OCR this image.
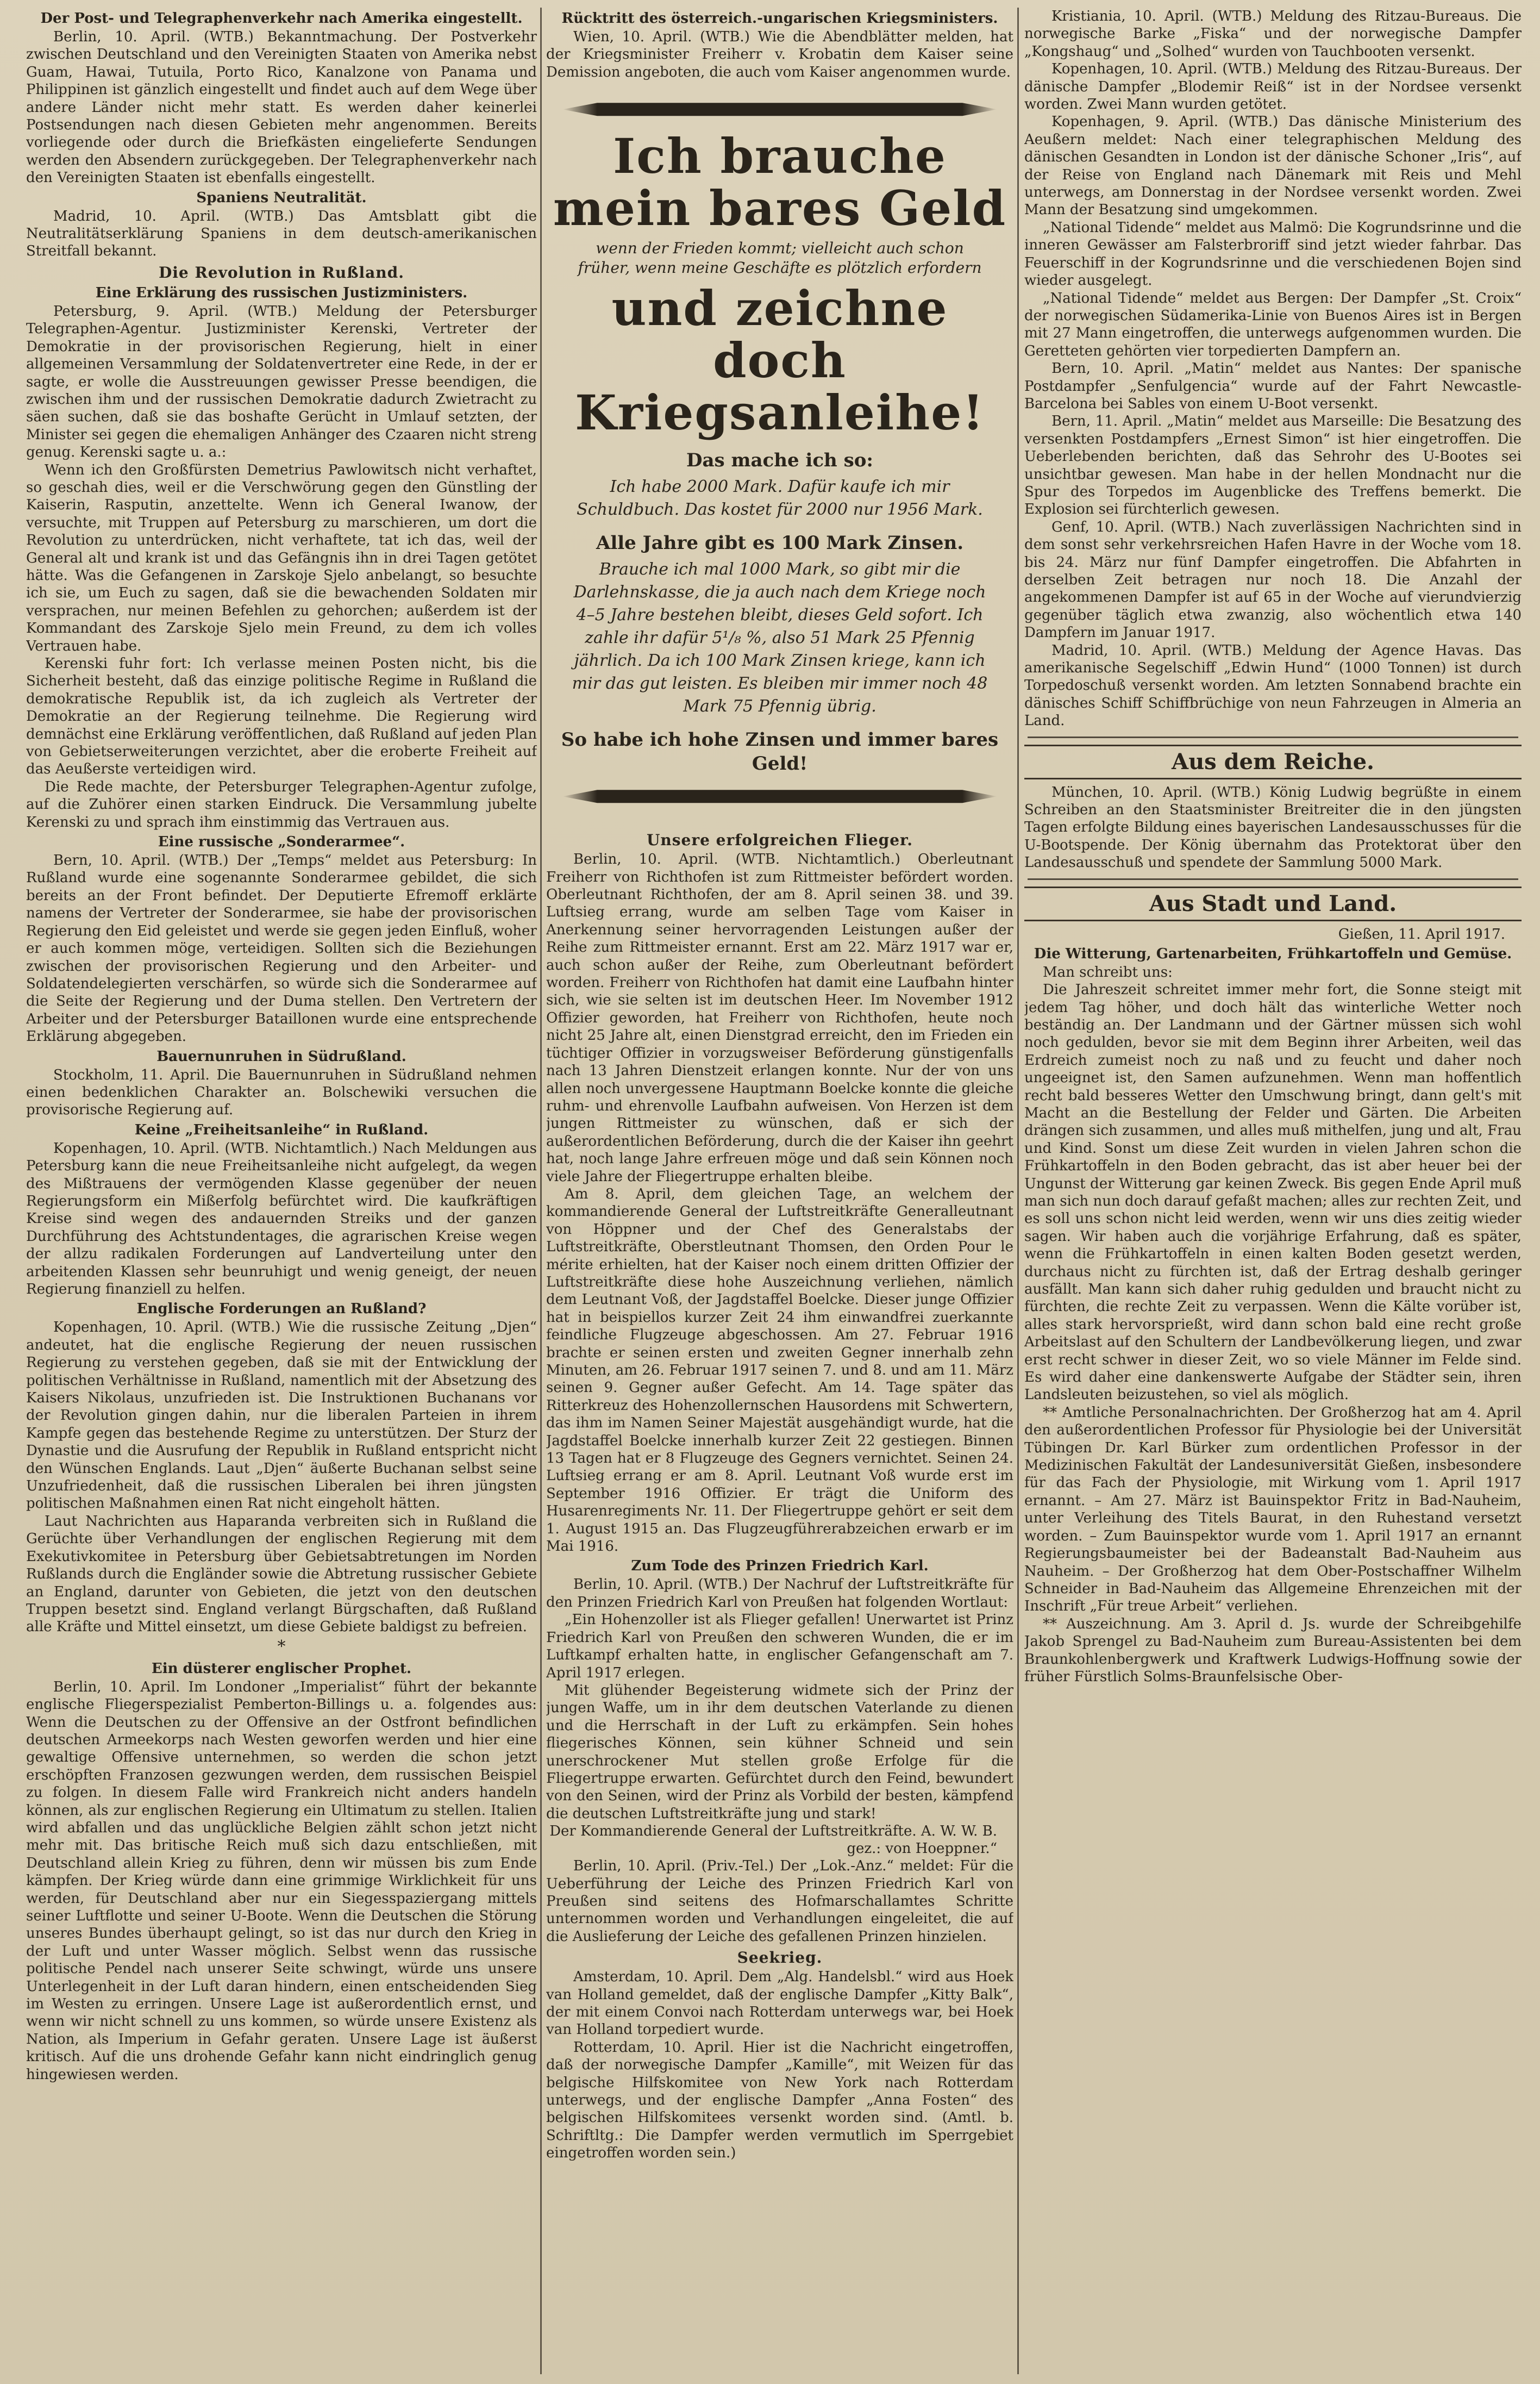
Der Post- und Telegraphenverkehr nach Amerika eingestellt.

Berlin, 10. April. (WTB.) Bekanntmachung. Der Postverkehr zwischen Deutschland und den Vereinigten Staaten von Amerika nebst Guam, Hawai, Tutuila, Porto Rico, Kanalzone von Panama und Philippinen ist gänzlich eingestellt und findet auch auf dem Wege über andere Länder nicht mehr statt. Es werden daher keinerlei Postsendungen nach diesen Gebieten mehr angenommen. Bereits vorliegende oder durch die Briefkästen eingelieferte Sendungen werden den Absendern zurückgegeben. Der Telegraphenverkehr nach den Vereinigten Staaten ist ebenfalls eingestellt.

Spaniens Neutralität.

Madrid, 10. April. (WTB.) Das Amtsblatt gibt die Neutralitätserklärung Spaniens in dem deutsch-amerikanischen Streitfall bekannt.

Die Revolution in Rußland.
Eine Erklärung des russischen Justizministers.

Petersburg, 9. April. (WTB.) Meldung der Petersburger Telegraphen-Agentur. Justizminister Kerenski, Vertreter der Demokratie in der provisorischen Regierung, hielt in einer allgemeinen Versammlung der Soldatenvertreter eine Rede, in der er sagte, er wolle die Ausstreuungen gewisser Presse beendigen, die zwischen ihm und der russischen Demokratie dadurch Zwietracht zu säen suchen, daß sie das boshafte Gerücht in Umlauf setzten, der Minister sei gegen die ehemaligen Anhänger des Czaaren nicht streng genug. Kerenski sagte u. a.:

Wenn ich den Großfürsten Demetrius Pawlowitsch nicht verhaftet, so geschah dies, weil er die Verschwörung gegen den Günstling der Kaiserin, Rasputin, anzettelte. Wenn ich General Iwanow, der versuchte, mit Truppen auf Petersburg zu marschieren, um dort die Revolution zu unterdrücken, nicht verhaftete, tat ich das, weil der General alt und krank ist und das Gefängnis ihn in drei Tagen getötet hätte. Was die Gefangenen in Zarskoje Sjelo anbelangt, so besuchte ich sie, um Euch zu sagen, daß sie die bewachenden Soldaten mir versprachen, nur meinen Befehlen zu gehorchen; außerdem ist der Kommandant des Zarskoje Sjelo mein Freund, zu dem ich volles Vertrauen habe.

Kerenski fuhr fort: Ich verlasse meinen Posten nicht, bis die Sicherheit besteht, daß das einzige politische Regime in Rußland die demokratische Republik ist, da ich zugleich als Vertreter der Demokratie an der Regierung teilnehme. Die Regierung wird demnächst eine Erklärung veröffentlichen, daß Rußland auf jeden Plan von Gebietserweiterungen verzichtet, aber die eroberte Freiheit auf das Aeußerste verteidigen wird.

Die Rede machte, der Petersburger Telegraphen-Agentur zufolge, auf die Zuhörer einen starken Eindruck. Die Versammlung jubelte Kerenski zu und sprach ihm einstimmig das Vertrauen aus.

Eine russische „Sonderarmee“.

Bern, 10. April. (WTB.) Der „Temps“ meldet aus Petersburg: In Rußland wurde eine sogenannte Sonderarmee gebildet, die sich bereits an der Front befindet. Der Deputierte Efremoff erklärte namens der Vertreter der Sonderarmee, sie habe der provisorischen Regierung den Eid geleistet und werde sie gegen jeden Einfluß, woher er auch kommen möge, verteidigen. Sollten sich die Beziehungen zwischen der provisorischen Regierung und den Arbeiter- und Soldatendelegierten verschärfen, so würde sich die Sonderarmee auf die Seite der Regierung und der Duma stellen. Den Vertretern der Arbeiter und der Petersburger Bataillonen wurde eine entsprechende Erklärung abgegeben.

Bauernunruhen in Südrußland.

Stockholm, 11. April. Die Bauernunruhen in Südrußland nehmen einen bedenklichen Charakter an. Bolschewiki versuchen die provisorische Regierung auf.

Keine „Freiheitsanleihe“ in Rußland.

Kopenhagen, 10. April. (WTB. Nichtamtlich.) Nach Meldungen aus Petersburg kann die neue Freiheitsanleihe nicht aufgelegt, da wegen des Mißtrauens der vermögenden Klasse gegenüber der neuen Regierungsform ein Mißerfolg befürchtet wird. Die kaufkräftigen Kreise sind wegen des andauernden Streiks und der ganzen Durchführung des Achtstundentages, die agrarischen Kreise wegen der allzu radikalen Forderungen auf Landverteilung unter den arbeitenden Klassen sehr beunruhigt und wenig geneigt, der neuen Regierung finanziell zu helfen.

Englische Forderungen an Rußland?

Kopenhagen, 10. April. (WTB.) Wie die russische Zeitung „Djen“ andeutet, hat die englische Regierung der neuen russischen Regierung zu verstehen gegeben, daß sie mit der Entwicklung der politischen Verhältnisse in Rußland, namentlich mit der Absetzung des Kaisers Nikolaus, unzufrieden ist. Die Instruktionen Buchanans vor der Revolution gingen dahin, nur die liberalen Parteien in ihrem Kampfe gegen das bestehende Regime zu unterstützen. Der Sturz der Dynastie und die Ausrufung der Republik in Rußland entspricht nicht den Wünschen Englands. Laut „Djen“ äußerte Buchanan selbst seine Unzufriedenheit, daß die russischen Liberalen bei ihren jüngsten politischen Maßnahmen einen Rat nicht eingeholt hätten.

Laut Nachrichten aus Haparanda verbreiten sich in Rußland die Gerüchte über Verhandlungen der englischen Regierung mit dem Exekutivkomitee in Petersburg über Gebietsabtretungen im Norden Rußlands durch die Engländer sowie die Abtretung russischer Gebiete an England, darunter von Gebieten, die jetzt von den deutschen Truppen besetzt sind. England verlangt Bürgschaften, daß Rußland alle Kräfte und Mittel einsetzt, um diese Gebiete baldigst zu befreien.

*
Ein düsterer englischer Prophet.

Berlin, 10. April. Im Londoner „Imperialist“ führt der bekannte englische Fliegerspezialist Pemberton-Billings u. a. folgendes aus: Wenn die Deutschen zu der Offensive an der Ostfront befindlichen deutschen Armeekorps nach Westen geworfen werden und hier eine gewaltige Offensive unternehmen, so werden die schon jetzt erschöpften Franzosen gezwungen werden, dem russischen Beispiel zu folgen. In diesem Falle wird Frankreich nicht anders handeln können, als zur englischen Regierung ein Ultimatum zu stellen. Italien wird abfallen und das unglückliche Belgien zählt schon jetzt nicht mehr mit. Das britische Reich muß sich dazu entschließen, mit Deutschland allein Krieg zu führen, denn wir müssen bis zum Ende kämpfen. Der Krieg würde dann eine grimmige Wirklichkeit für uns werden, für Deutschland aber nur ein Siegesspaziergang mittels seiner Luftflotte und seiner U-Boote. Wenn die Deutschen die Störung unseres Bundes überhaupt gelingt, so ist das nur durch den Krieg in der Luft und unter Wasser möglich. Selbst wenn das russische politische Pendel nach unserer Seite schwingt, würde uns unsere Unterlegenheit in der Luft daran hindern, einen entscheidenden Sieg im Westen zu erringen. Unsere Lage ist außerordentlich ernst, und wenn wir nicht schnell zu uns kommen, so würde unsere Existenz als Nation, als Imperium in Gefahr geraten. Unsere Lage ist äußerst kritisch. Auf die uns drohende Gefahr kann nicht eindringlich genug hingewiesen werden.

Rücktritt des österreich.-ungarischen Kriegsministers.

Wien, 10. April. (WTB.) Wie die Abendblätter melden, hat der Kriegsminister Freiherr v. Krobatin dem Kaiser seine Demission angeboten, die auch vom Kaiser angenommen wurde.

Ich brauche mein bares Geld
wenn der Frieden kommt; vielleicht auch schon früher, wenn meine Geschäfte es plötzlich erfordern
und zeichne doch Kriegsanleihe!
Das mache ich so:
Ich habe 2000 Mark. Dafür kaufe ich mir Schuldbuch. Das kostet für 2000 nur 1956 Mark.
Alle Jahre gibt es 100 Mark Zinsen.
Brauche ich mal 1000 Mark, so gibt mir die Darlehnskasse, die ja auch nach dem Kriege noch 4–5 Jahre bestehen bleibt, dieses Geld sofort. Ich zahle ihr dafür 5¹/₈ %, also 51 Mark 25 Pfennig jährlich. Da ich 100 Mark Zinsen kriege, kann ich mir das gut leisten. Es bleiben mir immer noch 48 Mark 75 Pfennig übrig.
So habe ich hohe Zinsen und immer bares Geld!
Unsere erfolgreichen Flieger.

Berlin, 10. April. (WTB. Nichtamtlich.) Oberleutnant Freiherr von Richthofen ist zum Rittmeister befördert worden. Oberleutnant Richthofen, der am 8. April seinen 38. und 39. Luftsieg errang, wurde am selben Tage vom Kaiser in Anerkennung seiner hervorragenden Leistungen außer der Reihe zum Rittmeister ernannt. Erst am 22. März 1917 war er, auch schon außer der Reihe, zum Oberleutnant befördert worden. Freiherr von Richthofen hat damit eine Laufbahn hinter sich, wie sie selten ist im deutschen Heer. Im November 1912 Offizier geworden, hat Freiherr von Richthofen, heute noch nicht 25 Jahre alt, einen Dienstgrad erreicht, den im Frieden ein tüchtiger Offizier in vorzugsweiser Beförderung günstigenfalls nach 13 Jahren Dienstzeit erlangen konnte. Nur der von uns allen noch unvergessene Hauptmann Boelcke konnte die gleiche ruhm- und ehrenvolle Laufbahn aufweisen. Von Herzen ist dem jungen Rittmeister zu wünschen, daß er sich der außerordentlichen Beförderung, durch die der Kaiser ihn geehrt hat, noch lange Jahre erfreuen möge und daß sein Können noch viele Jahre der Fliegertruppe erhalten bleibe.

Am 8. April, dem gleichen Tage, an welchem der kommandierende General der Luftstreitkräfte Generalleutnant von Höppner und der Chef des Generalstabs der Luftstreitkräfte, Oberstleutnant Thomsen, den Orden Pour le mérite erhielten, hat der Kaiser noch einem dritten Offizier der Luftstreitkräfte diese hohe Auszeichnung verliehen, nämlich dem Leutnant Voß, der Jagdstaffel Boelcke. Dieser junge Offizier hat in beispiellos kurzer Zeit 24 ihm einwandfrei zuerkannte feindliche Flugzeuge abgeschossen. Am 27. Februar 1916 brachte er seinen ersten und zweiten Gegner innerhalb zehn Minuten, am 26. Februar 1917 seinen 7. und 8. und am 11. März seinen 9. Gegner außer Gefecht. Am 14. Tage später das Ritterkreuz des Hohenzollernschen Hausordens mit Schwertern, das ihm im Namen Seiner Majestät ausgehändigt wurde, hat die Jagdstaffel Boelcke innerhalb kurzer Zeit 22 gestiegen. Binnen 13 Tagen hat er 8 Flugzeuge des Gegners vernichtet. Seinen 24. Luftsieg errang er am 8. April. Leutnant Voß wurde erst im September 1916 Offizier. Er trägt die Uniform des Husarenregiments Nr. 11. Der Fliegertruppe gehört er seit dem 1. August 1915 an. Das Flugzeugführerabzeichen erwarb er im Mai 1916.

Zum Tode des Prinzen Friedrich Karl.

Berlin, 10. April. (WTB.) Der Nachruf der Luftstreitkräfte für den Prinzen Friedrich Karl von Preußen hat folgenden Wortlaut:

„Ein Hohenzoller ist als Flieger gefallen! Unerwartet ist Prinz Friedrich Karl von Preußen den schweren Wunden, die er im Luftkampf erhalten hatte, in englischer Gefangenschaft am 7. April 1917 erlegen.

Mit glühender Begeisterung widmete sich der Prinz der jungen Waffe, um in ihr dem deutschen Vaterlande zu dienen und die Herrschaft in der Luft zu erkämpfen. Sein hohes fliegerisches Können, sein kühner Schneid und sein unerschrockener Mut stellen große Erfolge für die Fliegertruppe erwarten. Gefürchtet durch den Feind, bewundert von den Seinen, wird der Prinz als Vorbild der besten, kämpfend die deutschen Luftstreitkräfte jung und stark!

Der Kommandierende General der Luftstreitkräfte. A. W. W. B. gez.: von Hoeppner.“

Berlin, 10. April. (Priv.-Tel.) Der „Lok.-Anz.“ meldet: Für die Ueberführung der Leiche des Prinzen Friedrich Karl von Preußen sind seitens des Hofmarschallamtes Schritte unternommen worden und Verhandlungen eingeleitet, die auf die Auslieferung der Leiche des gefallenen Prinzen hinzielen.

Seekrieg.

Amsterdam, 10. April. Dem „Alg. Handelsbl.“ wird aus Hoek van Holland gemeldet, daß der englische Dampfer „Kitty Balk“, der mit einem Convoi nach Rotterdam unterwegs war, bei Hoek van Holland torpediert wurde.

Rotterdam, 10. April. Hier ist die Nachricht eingetroffen, daß der norwegische Dampfer „Kamille“, mit Weizen für das belgische Hilfskomitee von New York nach Rotterdam unterwegs, und der englische Dampfer „Anna Fosten“ des belgischen Hilfskomitees versenkt worden sind. (Amtl. b. Schriftltg.: Die Dampfer werden vermutlich im Sperrgebiet eingetroffen worden sein.)

Kristiania, 10. April. (WTB.) Meldung des Ritzau-Bureaus. Die norwegische Barke „Fiska“ und der norwegische Dampfer „Kongshaug“ und „Solhed“ wurden von Tauchbooten versenkt.

Kopenhagen, 10. April. (WTB.) Meldung des Ritzau-Bureaus. Der dänische Dampfer „Blodemir Reiß“ ist in der Nordsee versenkt worden. Zwei Mann wurden getötet.

Kopenhagen, 9. April. (WTB.) Das dänische Ministerium des Aeußern meldet: Nach einer telegraphischen Meldung des dänischen Gesandten in London ist der dänische Schoner „Iris“, auf der Reise von England nach Dänemark mit Reis und Mehl unterwegs, am Donnerstag in der Nordsee versenkt worden. Zwei Mann der Besatzung sind umgekommen.

„National Tidende“ meldet aus Malmö: Die Kogrundsrinne und die inneren Gewässer am Falsterbroriff sind jetzt wieder fahrbar. Das Feuerschiff in der Kogrundsrinne und die verschiedenen Bojen sind wieder ausgelegt.

„National Tidende“ meldet aus Bergen: Der Dampfer „St. Croix“ der norwegischen Südamerika-Linie von Buenos Aires ist in Bergen mit 27 Mann eingetroffen, die unterwegs aufgenommen wurden. Die Geretteten gehörten vier torpedierten Dampfern an.

Bern, 10. April. „Matin“ meldet aus Nantes: Der spanische Postdampfer „Senfulgencia“ wurde auf der Fahrt Newcastle-Barcelona bei Sables von einem U-Boot versenkt.

Bern, 11. April. „Matin“ meldet aus Marseille: Die Besatzung des versenkten Postdampfers „Ernest Simon“ ist hier eingetroffen. Die Ueberlebenden berichten, daß das Sehrohr des U-Bootes sei unsichtbar gewesen. Man habe in der hellen Mondnacht nur die Spur des Torpedos im Augenblicke des Treffens bemerkt. Die Explosion sei fürchterlich gewesen.

Genf, 10. April. (WTB.) Nach zuverlässigen Nachrichten sind in dem sonst sehr verkehrsreichen Hafen Havre in der Woche vom 18. bis 24. März nur fünf Dampfer eingetroffen. Die Abfahrten in derselben Zeit betragen nur noch 18. Die Anzahl der angekommenen Dampfer ist auf 65 in der Woche auf vierundvierzig gegenüber täglich etwa zwanzig, also wöchentlich etwa 140 Dampfern im Januar 1917.

Madrid, 10. April. (WTB.) Meldung der Agence Havas. Das amerikanische Segelschiff „Edwin Hund“ (1000 Tonnen) ist durch Torpedoschuß versenkt worden. Am letzten Sonnabend brachte ein dänisches Schiff Schiffbrüchige von neun Fahrzeugen in Almeria an Land.

Aus dem Reiche.

München, 10. April. (WTB.) König Ludwig begrüßte in einem Schreiben an den Staatsminister Breitreiter die in den jüngsten Tagen erfolgte Bildung eines bayerischen Landesausschusses für die U-Bootspende. Der König übernahm das Protektorat über den Landesausschuß und spendete der Sammlung 5000 Mark.

Aus Stadt und Land.

Gießen, 11. April 1917.

Die Witterung, Gartenarbeiten, Frühkartoffeln und Gemüse.

Man schreibt uns:

Die Jahreszeit schreitet immer mehr fort, die Sonne steigt mit jedem Tag höher, und doch hält das winterliche Wetter noch beständig an. Der Landmann und der Gärtner müssen sich wohl noch gedulden, bevor sie mit dem Beginn ihrer Arbeiten, weil das Erdreich zumeist noch zu naß und zu feucht und daher noch ungeeignet ist, den Samen aufzunehmen. Wenn man hoffentlich recht bald besseres Wetter den Umschwung bringt, dann gelt's mit Macht an die Bestellung der Felder und Gärten. Die Arbeiten drängen sich zusammen, und alles muß mithelfen, jung und alt, Frau und Kind. Sonst um diese Zeit wurden in vielen Jahren schon die Frühkartoffeln in den Boden gebracht, das ist aber heuer bei der Ungunst der Witterung gar keinen Zweck. Bis gegen Ende April muß man sich nun doch darauf gefaßt machen; alles zur rechten Zeit, und es soll uns schon nicht leid werden, wenn wir uns dies zeitig wieder sagen. Wir haben auch die vorjährige Erfahrung, daß es später, wenn die Frühkartoffeln in einen kalten Boden gesetzt werden, durchaus nicht zu fürchten ist, daß der Ertrag deshalb geringer ausfällt. Man kann sich daher ruhig gedulden und braucht nicht zu fürchten, die rechte Zeit zu verpassen. Wenn die Kälte vorüber ist, alles stark hervorsprießt, wird dann schon bald eine recht große Arbeitslast auf den Schultern der Landbevölkerung liegen, und zwar erst recht schwer in dieser Zeit, wo so viele Männer im Felde sind. Es wird daher eine dankenswerte Aufgabe der Städter sein, ihren Landsleuten beizustehen, so viel als möglich.

** Amtliche Personalnachrichten. Der Großherzog hat am 4. April den außerordentlichen Professor für Physiologie bei der Universität Tübingen Dr. Karl Bürker zum ordentlichen Professor in der Medizinischen Fakultät der Landesuniversität Gießen, insbesondere für das Fach der Physiologie, mit Wirkung vom 1. April 1917 ernannt. – Am 27. März ist Bauinspektor Fritz in Bad-Nauheim, unter Verleihung des Titels Baurat, in den Ruhestand versetzt worden. – Zum Bauinspektor wurde vom 1. April 1917 an ernannt Regierungsbaumeister bei der Badeanstalt Bad-Nauheim aus Nauheim. – Der Großherzog hat dem Ober-Postschaffner Wilhelm Schneider in Bad-Nauheim das Allgemeine Ehrenzeichen mit der Inschrift „Für treue Arbeit“ verliehen.

** Auszeichnung. Am 3. April d. Js. wurde der Schreibgehilfe Jakob Sprengel zu Bad-Nauheim zum Bureau-Assistenten bei dem Braunkohlenbergwerk und Kraftwerk Ludwigs-Hoffnung sowie der früher Fürstlich Solms-Braunfelsische Ober-
